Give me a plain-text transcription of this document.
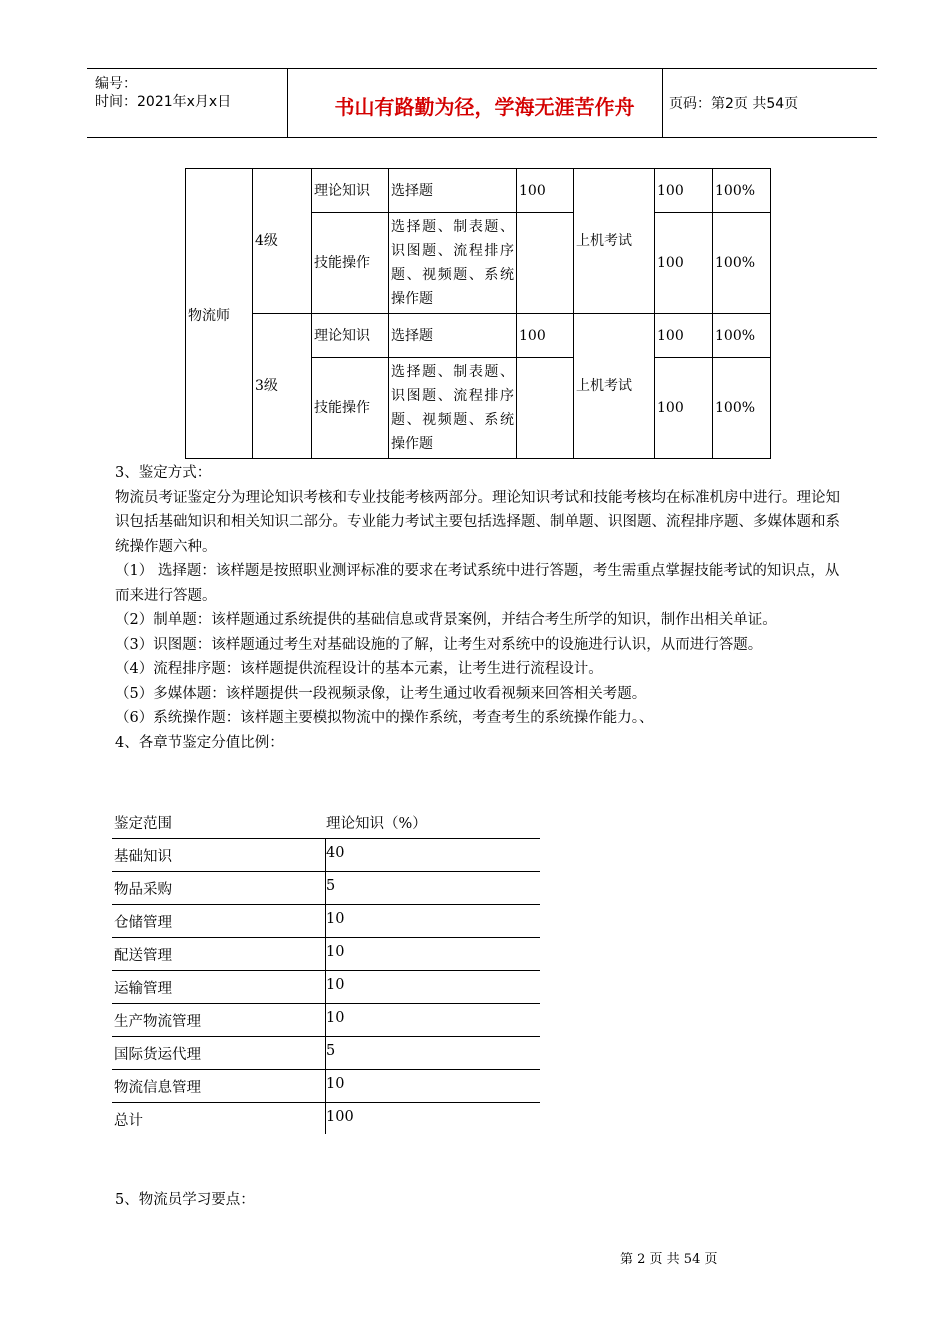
编号：
时间：2021年x月x日	书山有路勤为径，学海无涯苦作舟	页码：第2页 共54页
物流师	4级	理论知识	选择题	100	上机考试	100	100%
		技能操作	选择题、制表题、识图题、流程排序题、视频题、系统操作题			100	100%
	3级	理论知识	选择题	100	上机考试	100	100%
		技能操作	选择题、制表题、识图题、流程排序题、视频题、系统操作题			100	100%
3、鉴定方式：
物流员考证鉴定分为理论知识考核和专业技能考核两部分。理论知识考试和技能考核均在标准机房中进行。理论知识包括基础知识和相关知识二部分。专业能力考试主要包括选择题、制单题、识图题、流程排序题、多媒体题和系统操作题六种。
（1） 选择题：该样题是按照职业测评标准的要求在考试系统中进行答题，考生需重点掌握技能考试的知识点，从而来进行答题。
（2）制单题：该样题通过系统提供的基础信息或背景案例，并结合考生所学的知识，制作出相关单证。
（3）识图题：该样题通过考生对基础设施的了解，让考生对系统中的设施进行认识，从而进行答题。
（4）流程排序题：该样题提供流程设计的基本元素，让考生进行流程设计。
（5）多媒体题：该样题提供一段视频录像，让考生通过收看视频来回答相关考题。
（6）系统操作题：该样题主要模拟物流中的操作系统，考查考生的系统操作能力。、
4、各章节鉴定分值比例：
鉴定范围	理论知识（%）
基础知识	40
物品采购	5
仓储管理	10
配送管理	10
运输管理	10
生产物流管理	10
国际货运代理	5
物流信息管理	10
总计	100
5、物流员学习要点：
第 2 页 共 54 页
